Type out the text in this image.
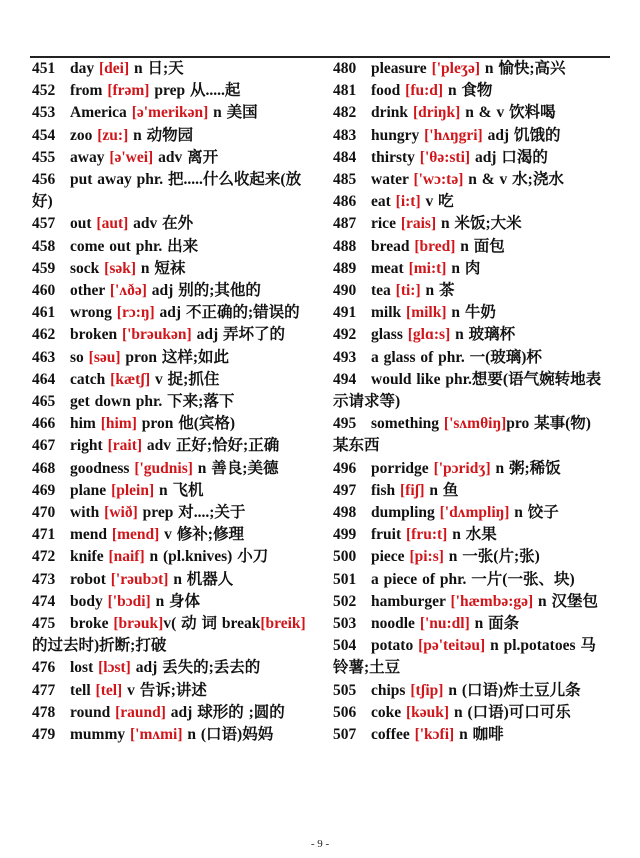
451 day [dei] n 日;天
452 from [frəm] prep 从.....起
453 America [ə'merikən] n 美国
454 zoo [zu:] n 动物园
455 away [ə'wei] adv 离开
456 put away phr. 把.....什么收起来(放好)
457 out [aut] adv 在外
458 come out phr. 出来
459 sock [sək] n 短袜
460 other ['ʌðə] adj 别的;其他的
461 wrong [rɔ:ŋ] adj 不正确的;错误的
462 broken ['brəukən] adj 弄坏了的
463 so [səu] pron 这样;如此
464 catch [kætʃ] v 捉;抓住
465 get down phr. 下来;落下
466 him [him] pron 他(宾格)
467 right [rait] adv 正好;恰好;正确
468 goodness ['gudnis] n 善良;美德
469 plane [plein] n 飞机
470 with [wið] prep 对....;关于
471 mend [mend] v 修补;修理
472 knife [naif] n (pl.knives) 小刀
473 robot ['rəubɔt] n 机器人
474 body ['bɔdi] n 身体
475 broke [brəuk]v( 动 词 break[breik]的过去时)折断;打破
476 lost [lɔst] adj 丢失的;丢去的
477 tell [tel] v 告诉;讲述
478 round [raund] adj 球形的 ;圆的
479 mummy ['mʌmi] n (口语)妈妈
480 pleasure ['pleʒə] n 愉快;高兴
481 food [fu:d] n 食物
482 drink [driŋk] n & v 饮料喝
483 hungry ['hʌŋgri] adj 饥饿的
484 thirsty ['θə:sti] adj 口渴的
485 water ['wɔ:tə] n & v 水;浇水
486 eat [i:t] v 吃
487 rice [rais] n 米饭;大米
488 bread [bred] n 面包
489 meat [mi:t] n 肉
490 tea [ti:] n 茶
491 milk [milk] n 牛奶
492 glass [glɑ:s] n 玻璃杯
493 a glass of phr. 一(玻璃)杯
494 would like phr.想要(语气婉转地表示请求等)
495 something ['sʌmθiŋ]pro 某事(物)某东西
496 porridge ['pɔridʒ] n 粥;稀饭
497 fish [fiʃ] n 鱼
498 dumpling ['dʌmpliŋ] n 饺子
499 fruit [fru:t] n 水果
500 piece [pi:s] n 一张(片;张)
501 a piece of phr. 一片(一张、块)
502 hamburger ['hæmbə:gə] n 汉堡包
503 noodle ['nu:dl] n 面条
504 potato [pə'teitəu] n pl.potatoes 马铃薯;土豆
505 chips [tʃip] n (口语)炸士豆儿条
506 coke [kəuk] n (口语)可口可乐
507 coffee ['kɔfi] n 咖啡
- 9 -
